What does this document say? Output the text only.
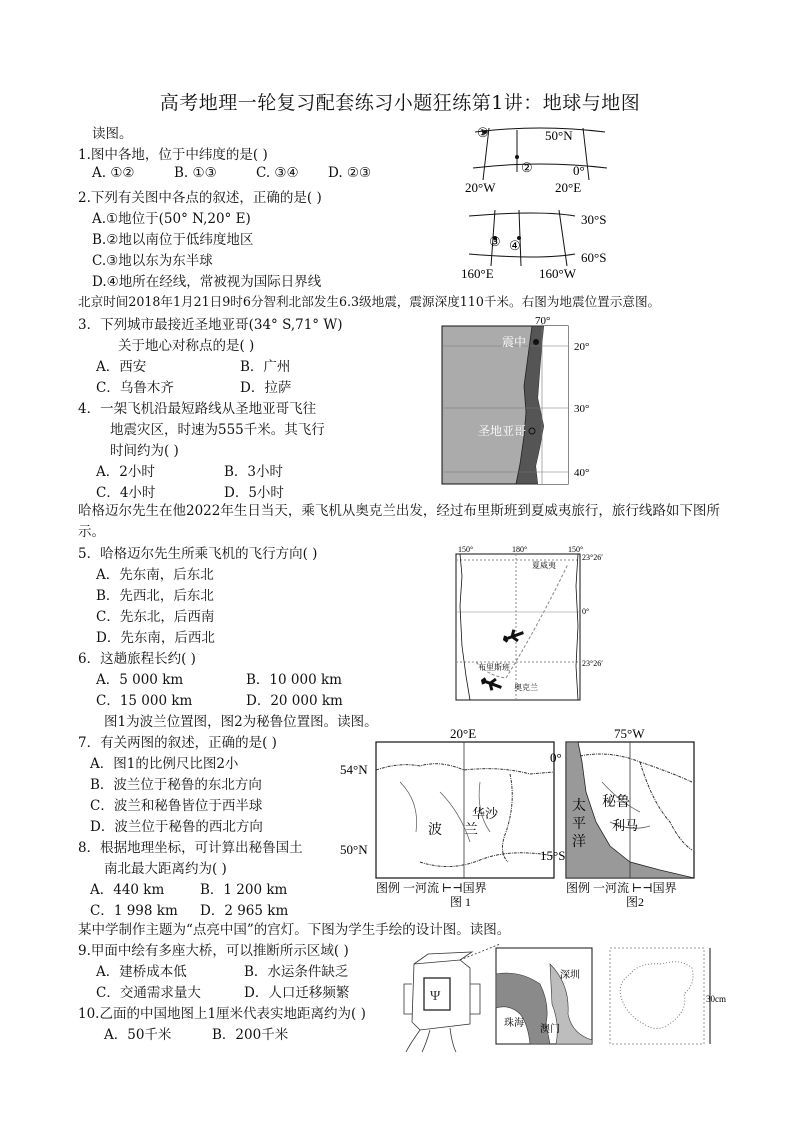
高考地理一轮复习配套练习小题狂练第1讲：地球与地图
读图。
1.图中各地，位于中纬度的是( )
A. ①②	B. ①③	C. ③④ D. ②③
2.下列有关图中各点的叙述，正确的是( )
A.①地位于(50° N,20° E)
B.②地以南位于低纬度地区
C.③地以东为东半球
D.④地所在经线，常被视为国际日界线
①
②
50°N
0°
20°W	20°E
③ ④
30°S
60°S
160°E	160°W
北京时间2018年1月21日9时6分智利北部发生6.3级地震，震源深度110千米。右图为地震位置示意图。
3．下列城市最接近圣地亚哥(34° S,71° W)
关于地心对称点的是( )
A．西安	B．广州
C．乌鲁木齐	D．拉萨
4．一架飞机沿最短路线从圣地亚哥飞往
地震灾区，时速为555千米。其飞行
时间约为( )
A．2小时	B．3小时
C．4小时	D．5小时
70°
20°
30°
40°
震中
圣地亚哥
哈格迈尔先生在他2022年生日当天，乘飞机从奥克兰出发，经过布里斯班到夏威夷旅行，旅行线路如下图所
示。
5．哈格迈尔先生所乘飞机的飞行方向( )
A．先东南，后东北
B．先西北，后东北
C．先东北，后西南
D．先东南，后西北
6．这趟旅程长约( )
A．5 000 km	B．10 000 km
C．15 000 km	D．20 000 km
150°	180°	150°
23°26′
0°
23°26′
夏威夷
布里斯班
奥克兰
图1为波兰位置图，图2为秘鲁位置图。读图。
7．有关两图的叙述，正确的是( )
A．图1的比例尺比图2小
B．波兰位于秘鲁的东北方向
C．波兰和秘鲁皆位于西半球
D．波兰位于秘鲁的西北方向
8．根据地理坐标，可计算出秘鲁国土
南北最大距离约为( )
A．440 km	B．1 200 km
C．1 998 km D．2 965 km
20°E
54°N
50°N
波 兰
华沙
图例 一河流 ⊢⊣国界
图 1
75°W
0°
15°S
秘鲁
利马
太
平
洋
图例 一河流 ⊢⊣国界
图2
某中学制作主题为“点亮中国”的宫灯。下图为学生手绘的设计图。读图。
9.甲面中绘有多座大桥，可以推断所示区域( )
A．建桥成本低	B．水运条件缺乏
C．交通需求量大	D．人口迁移频繁
10.乙面的中国地图上1厘米代表实地距离约为( )
A．50千米	B．200千米
Ψ
深圳
珠海
澳门
30cm
